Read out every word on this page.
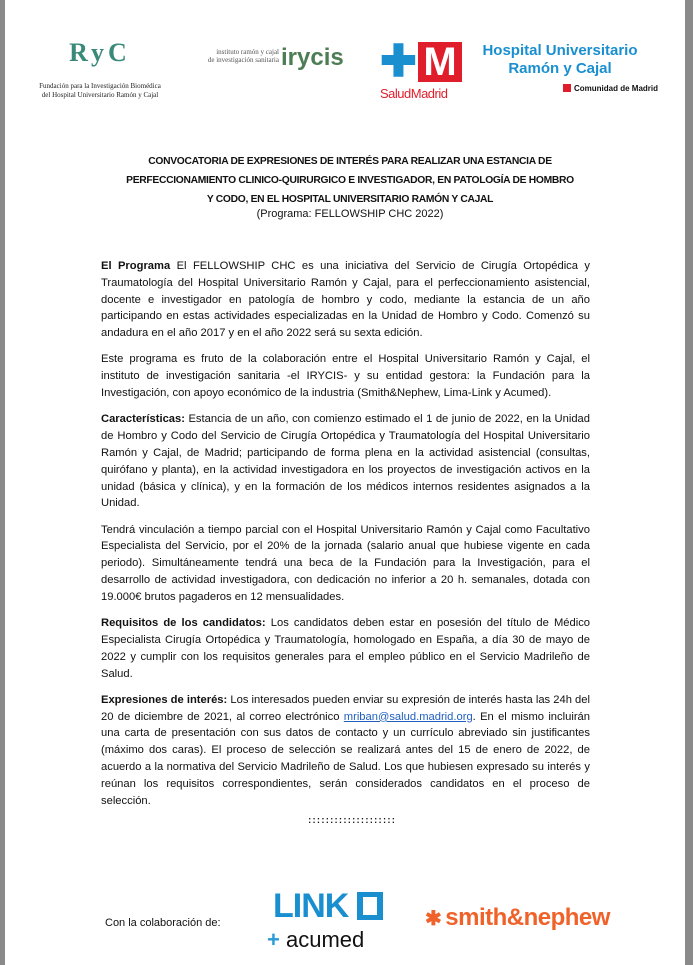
RyC
Fundación para la Investigación Biomédica
del Hospital Universitario Ramón y Cajal
instituto ramón y cajal
de investigación sanitaria irycis ✚ M
SaludMadrid
Hospital Universitario
Ramón y Cajal
Comunidad de Madrid
CONVOCATORIA DE EXPRESIONES DE INTERÉS PARA REALIZAR UNA ESTANCIA DE
PERFECCIONAMIENTO CLINICO-QUIRURGICO E INVESTIGADOR, EN PATOLOGÍA DE HOMBRO
Y CODO, EN EL HOSPITAL UNIVERSITARIO RAMÓN Y CAJAL
(Programa: FELLOWSHIP CHC 2022)

El Programa El FELLOWSHIP CHC es una iniciativa del Servicio de Cirugía Ortopédica y Traumatología del Hospital Universitario Ramón y Cajal, para el perfeccionamiento asistencial, docente e investigador en patología de hombro y codo, mediante la estancia de un año participando en estas actividades especializadas en la Unidad de Hombro y Codo. Comenzó su andadura en el año 2017 y en el año 2022 será su sexta edición.

Este programa es fruto de la colaboración entre el Hospital Universitario Ramón y Cajal, el instituto de investigación sanitaria -el IRYCIS- y su entidad gestora: la Fundación para la Investigación, con apoyo económico de la industria (Smith&Nephew, Lima-Link y Acumed).

Características: Estancia de un año, con comienzo estimado el 1 de junio de 2022, en la Unidad de Hombro y Codo del Servicio de Cirugía Ortopédica y Traumatología del Hospital Universitario Ramón y Cajal, de Madrid; participando de forma plena en la actividad asistencial (consultas, quirófano y planta), en la actividad investigadora en los proyectos de investigación activos en la unidad (básica y clínica), y en la formación de los médicos internos residentes asignados a la Unidad.

Tendrá vinculación a tiempo parcial con el Hospital Universitario Ramón y Cajal como Facultativo Especialista del Servicio, por el 20% de la jornada (salario anual que hubiese vigente en cada periodo). Simultáneamente tendrá una beca de la Fundación para la Investigación, para el desarrollo de actividad investigadora, con dedicación no inferior a 20 h. semanales, dotada con 19.000€ brutos pagaderos en 12 mensualidades.

Requisitos de los candidatos: Los candidatos deben estar en posesión del título de Médico Especialista Cirugía Ortopédica y Traumatología, homologado en España, a día 30 de mayo de 2022 y cumplir con los requisitos generales para el empleo público en el Servicio Madrileño de Salud.

Expresiones de interés: Los interesados pueden enviar su expresión de interés hasta las 24h del 20 de diciembre de 2021, al correo electrónico mriban@salud.madrid.org. En el mismo incluirán una carta de presentación con sus datos de contacto y un currículo abreviado sin justificantes (máximo dos caras). El proceso de selección se realizará antes del 15 de enero de 2022, de acuerdo a la normativa del Servicio Madrileño de Salud. Los que hubiesen expresado su interés y reúnan los requisitos correspondientes, serán considerados candidatos en el proceso de selección.

::::::::::::::::::::
Con la colaboración de: LINK
+ acumed
✱ smith&nephew
